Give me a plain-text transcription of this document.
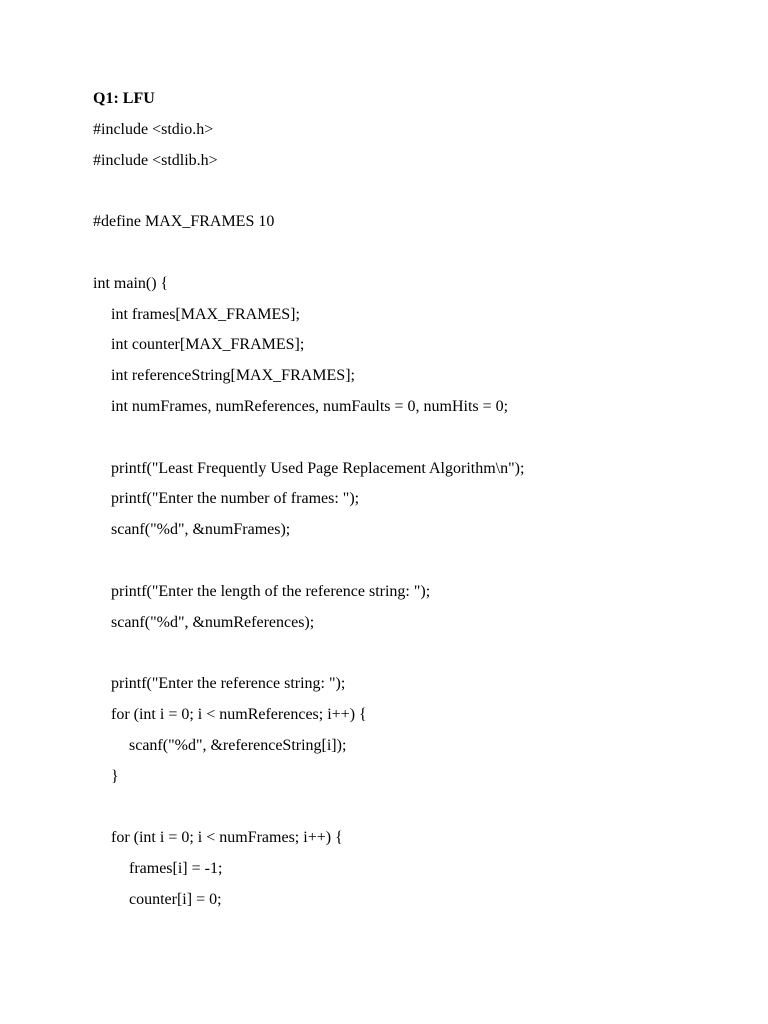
Q1: LFU
#include <stdio.h>
#include <stdlib.h>
#define MAX_FRAMES 10
int main() {
int frames[MAX_FRAMES];
int counter[MAX_FRAMES];
int referenceString[MAX_FRAMES];
int numFrames, numReferences, numFaults = 0, numHits = 0;
printf("Least Frequently Used Page Replacement Algorithm\n");
printf("Enter the number of frames: ");
scanf("%d", &numFrames);
printf("Enter the length of the reference string: ");
scanf("%d", &numReferences);
printf("Enter the reference string: ");
for (int i = 0; i < numReferences; i++) {
scanf("%d", &referenceString[i]);
}
for (int i = 0; i < numFrames; i++) {
frames[i] = -1;
counter[i] = 0;
